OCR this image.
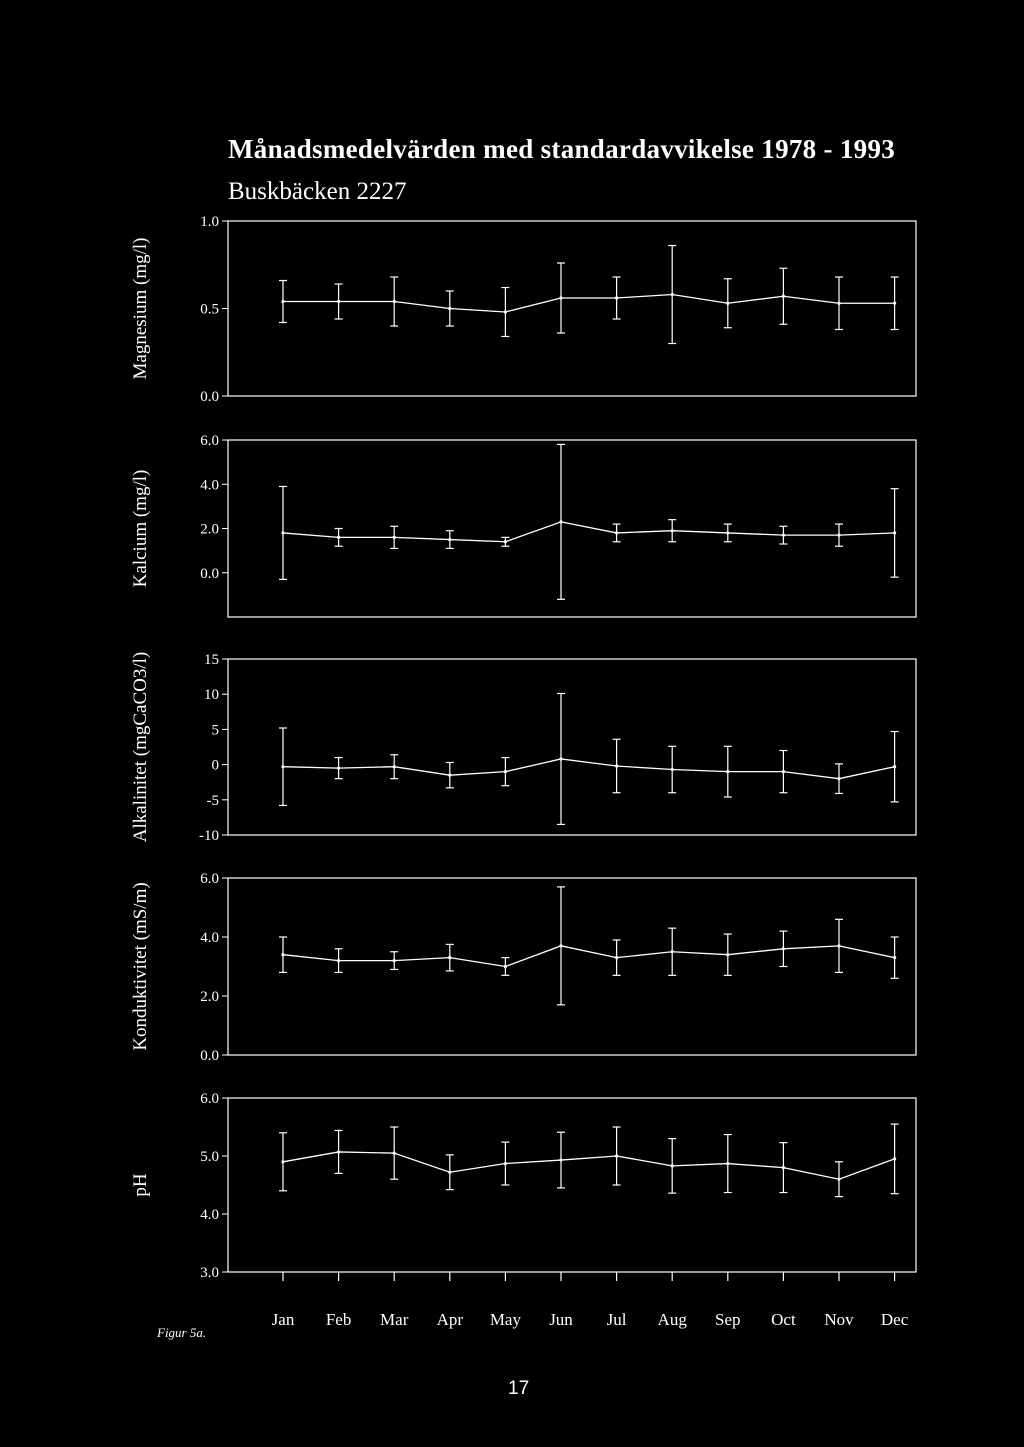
Månadsmedelvärden med standardavvikelse 1978 - 1993
Buskbäcken 2227
0.0
0.5
1.0
Magnesium (mg/l)
0.0
2.0
4.0
6.0
Kalcium (mg/l)
-10
-5
0
5
10
15
Alkalinitet (mgCaCO3/l)
0.0
2.0
4.0
6.0
Konduktivitet (mS/m)
3.0
4.0
5.0
6.0
pH
Jan Feb Mar Apr May Jun Jul Aug Sep Oct Nov Dec
Figur 5a.
17
